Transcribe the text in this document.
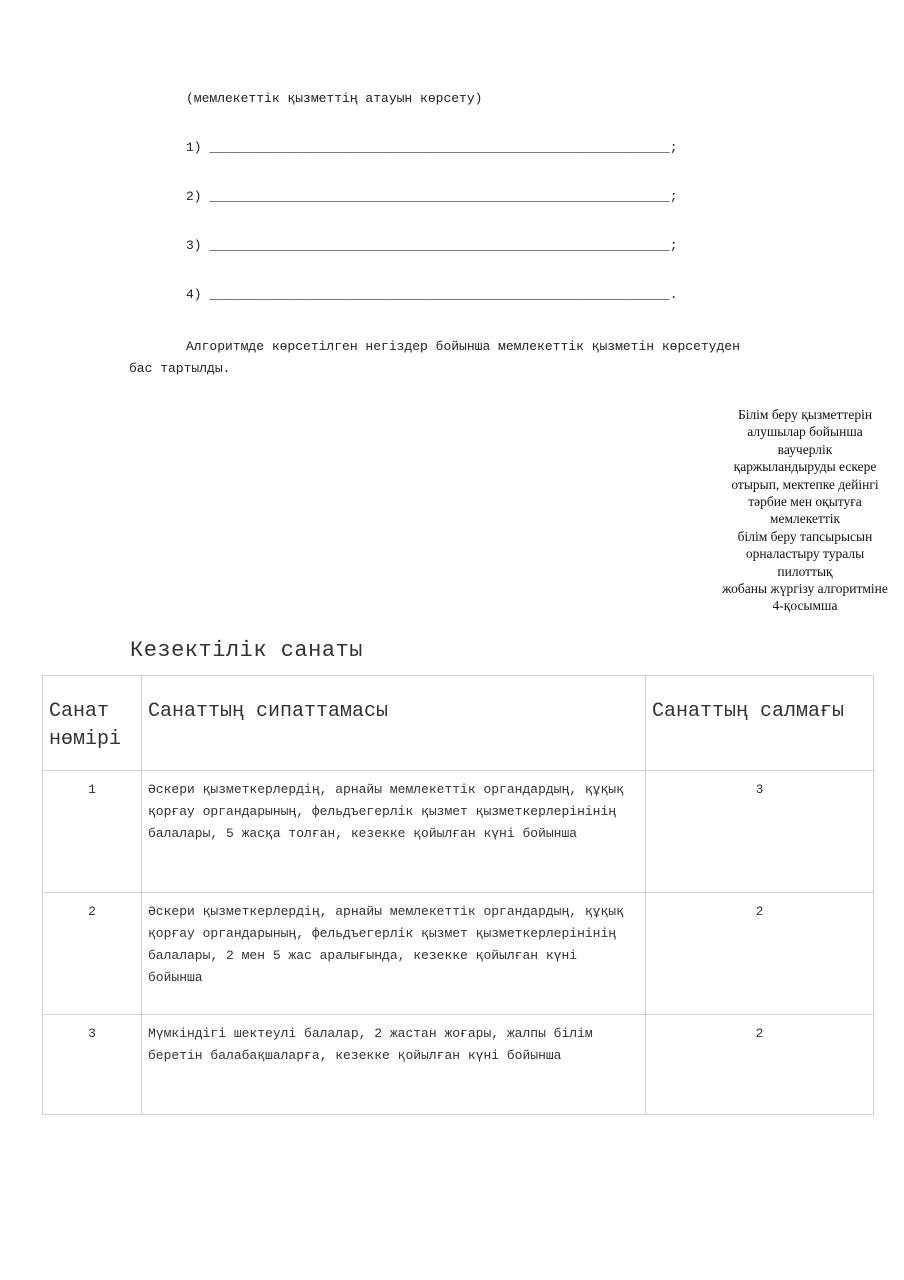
(мемлекеттік қызметтің атауын көрсету)
1) ___________________________________________________________;
2) ___________________________________________________________;
3) ___________________________________________________________;
4) ___________________________________________________________.
Алгоритмде көрсетілген негіздер бойынша мемлекеттік қызметін көрсетуден бас тартылды.
Білім беру қызметтерін
алушылар бойынша
ваучерлік
қаржыландыруды ескере
отырып, мектепке дейінгі
тәрбие мен оқытуға
мемлекеттік
білім беру тапсырысын
орналастыру туралы
пилоттық
жобаны жүргізу алгоритміне
4-қосымша
Кезектілік санаты
Санат нөмірі	Санаттың сипаттамасы	Санаттың салмағы
1	Әскери қызметкерлердің, арнайы мемлекеттік органдардың, құқық қорғау органдарының, фельдъегерлік қызмет қызметкерлерінінің балалары, 5 жасқа толған, кезекке қойылған күні бойынша	3
2	Әскери қызметкерлердің, арнайы мемлекеттік органдардың, құқық қорғау органдарының, фельдъегерлік қызмет қызметкерлерінінің балалары, 2 мен 5 жас аралығында, кезекке қойылған күні бойынша	2
3	Мүмкіндігі шектеулі балалар, 2 жастан жоғары, жалпы білім беретін балабақшаларға, кезекке қойылған күні бойынша	2
